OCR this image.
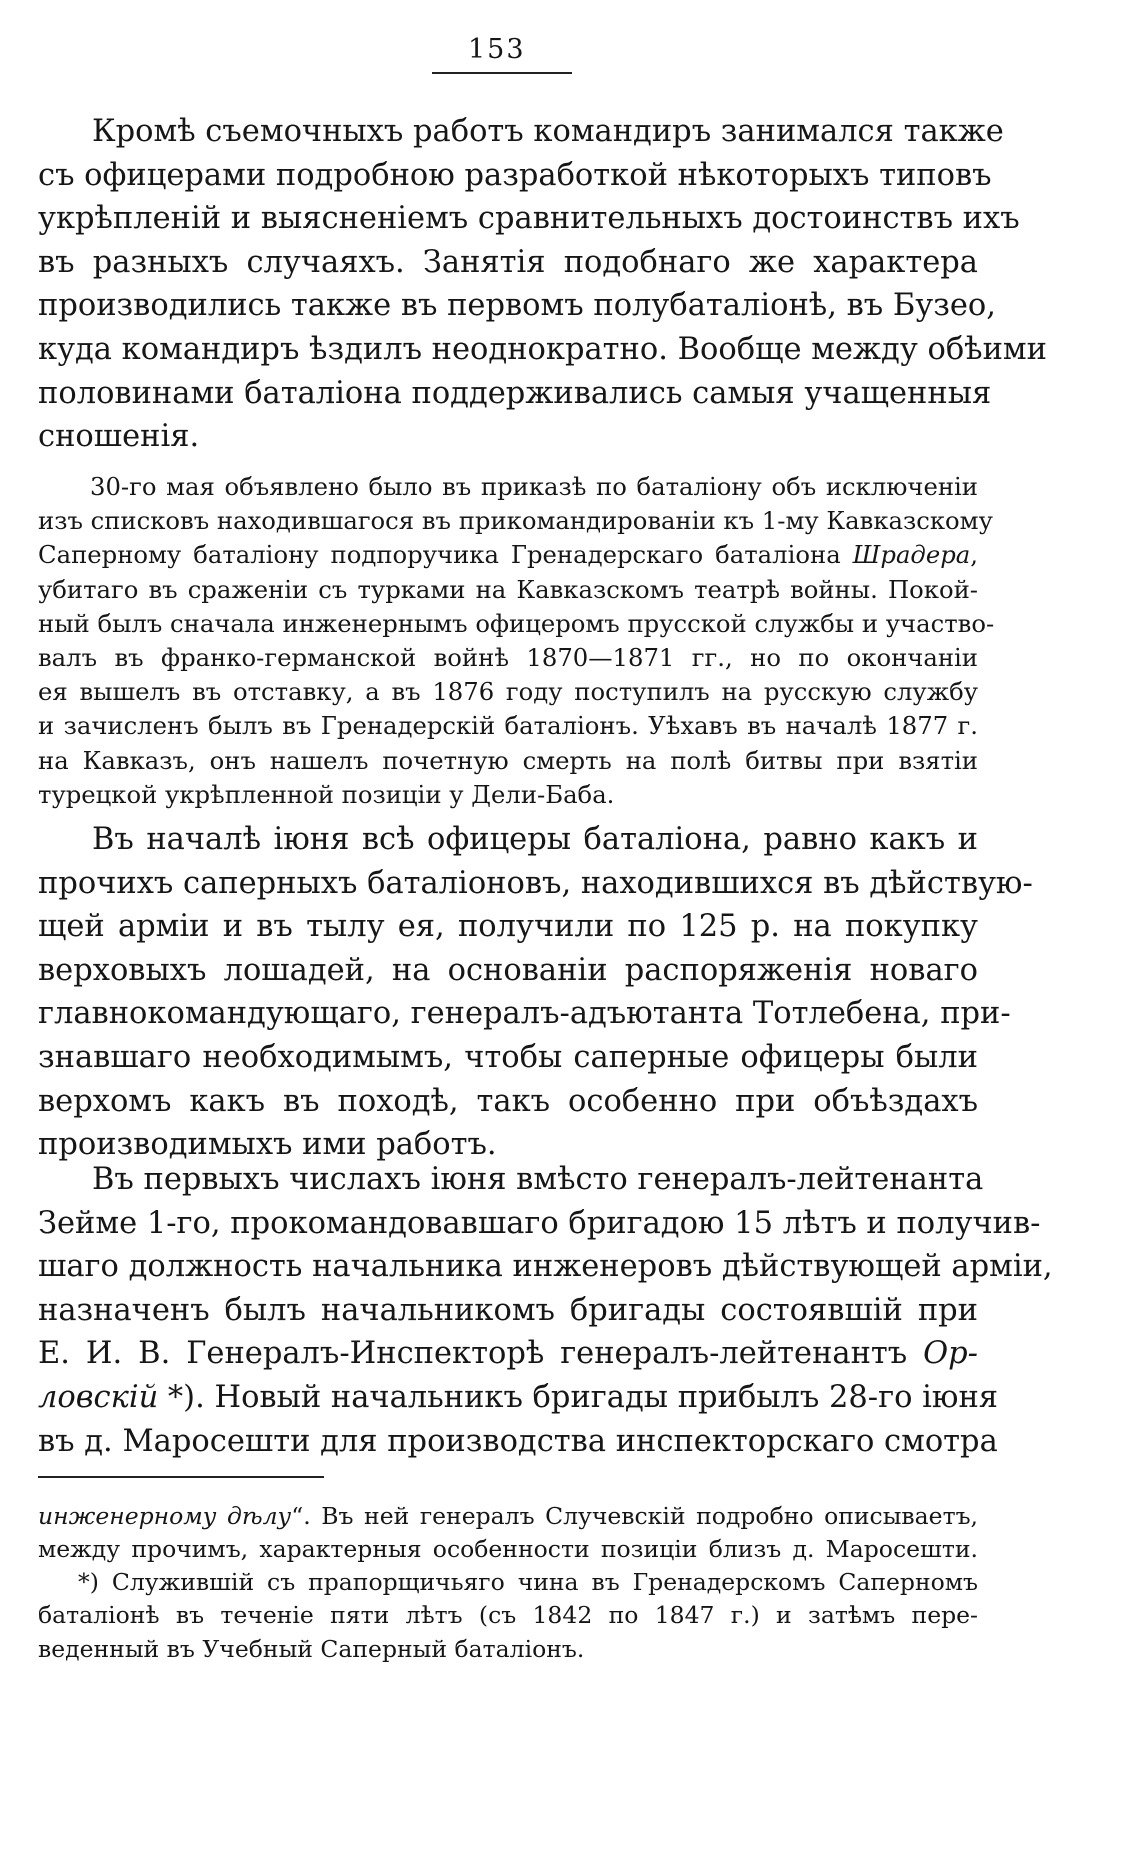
153
Кромѣ съемочныхъ работъ командиръ занимался также
съ офицерами подробною разработкой нѣкоторыхъ типовъ
укрѣпленій и выясненіемъ сравнительныхъ достоинствъ ихъ
въ разныхъ случаяхъ. Занятія подобнаго же характера
производились также въ первомъ полубаталіонѣ, въ Бузео,
куда командиръ ѣздилъ неоднократно. Вообще между обѣими
половинами баталіона поддерживались самыя учащенныя
сношенія.
30-го мая объявлено было въ приказѣ по баталіону объ исключеніи
изъ списковъ находившагося въ прикомандированіи къ 1-му Кавказскому
Саперному баталіону подпоручика Гренадерскаго баталіона Шрадера,
убитаго въ сраженіи съ турками на Кавказскомъ театрѣ войны. Покой-
ный былъ сначала инженернымъ офицеромъ прусской службы и участво-
валъ въ франко-германской войнѣ 1870—1871 гг., но по окончаніи
ея вышелъ въ отставку, а въ 1876 году поступилъ на русскую службу
и зачисленъ былъ въ Гренадерскій баталіонъ. Уѣхавъ въ началѣ 1877 г.
на Кавказъ, онъ нашелъ почетную смерть на полѣ битвы при взятіи
турецкой укрѣпленной позиціи у Дели-Баба.
Въ началѣ іюня всѣ офицеры баталіона, равно какъ и
прочихъ саперныхъ баталіоновъ, находившихся въ дѣйствую-
щей арміи и въ тылу ея, получили по 125 р. на покупку
верховыхъ лошадей, на основаніи распоряженія новаго
главнокомандующаго, генералъ-адъютанта Тотлебена, при-
знавшаго необходимымъ, чтобы саперные офицеры были
верхомъ какъ въ походѣ, такъ особенно при объѣздахъ
производимыхъ ими работъ.
Въ первыхъ числахъ іюня вмѣсто генералъ-лейтенанта
Зейме 1-го, прокомандовавшаго бригадою 15 лѣтъ и получив-
шаго должность начальника инженеровъ дѣйствующей арміи,
назначенъ былъ начальникомъ бригады состоявшій при
Е. И. В. Генералъ-Инспекторѣ генералъ-лейтенантъ Ор-
ловскій *). Новый начальникъ бригады прибылъ 28-го іюня
въ д. Маросешти для производства инспекторскаго смотра
инженерному дѣлу“. Въ ней генералъ Случевскій подробно описываетъ,
между прочимъ, характерныя особенности позиціи близъ д. Маросешти.
*) Служившій съ прапорщичьяго чина въ Гренадерскомъ Саперномъ
баталіонѣ въ теченіе пяти лѣтъ (съ 1842 по 1847 г.) и затѣмъ пере-
веденный въ Учебный Саперный баталіонъ.
